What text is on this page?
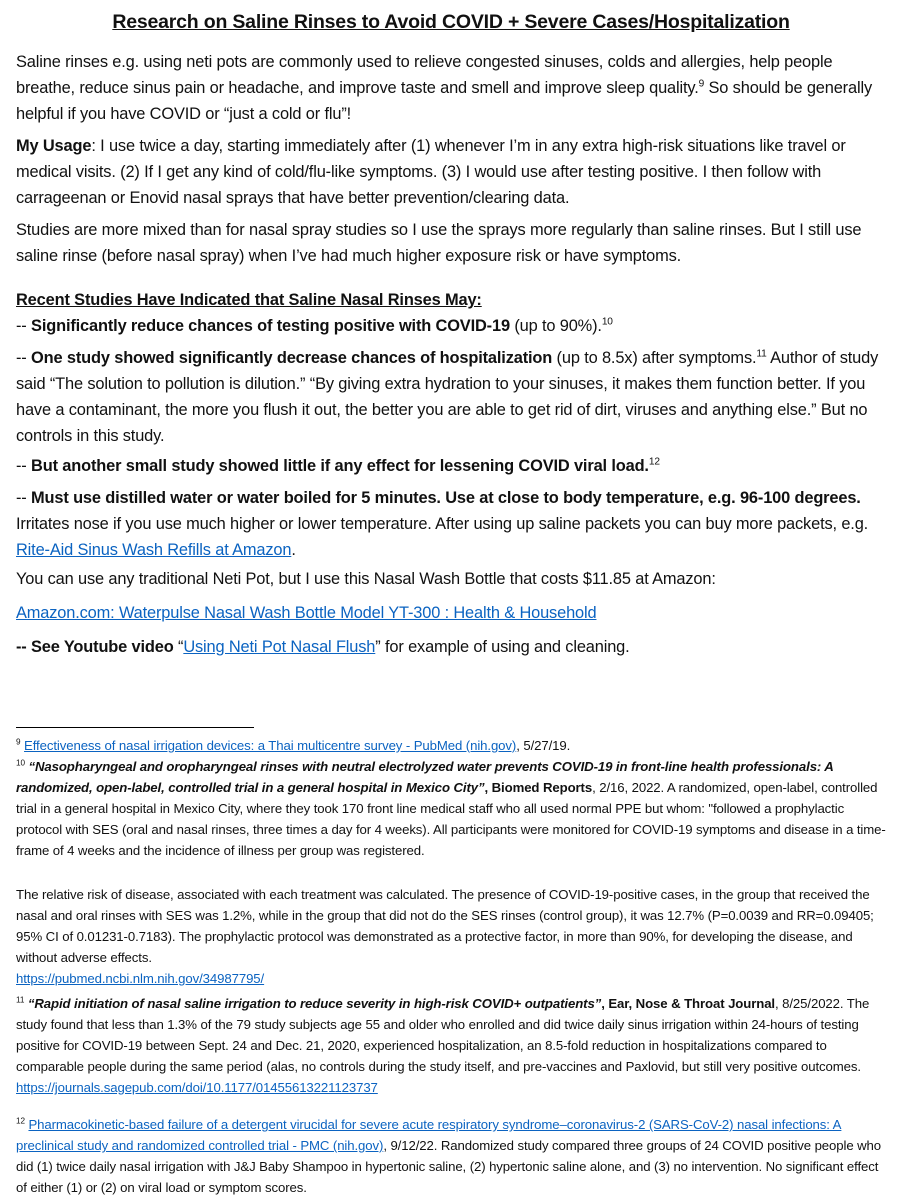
Research on Saline Rinses to Avoid COVID + Severe Cases/Hospitalization

Saline rinses e.g. using neti pots are commonly used to relieve congested sinuses, colds and allergies, help people breathe, reduce sinus pain or headache, and improve taste and smell and improve sleep quality.$^9$ So should be generally helpful if you have COVID or “just a cold or flu”!

My Usage: I use twice a day, starting immediately after (1) whenever I’m in any extra high-risk situations like travel or medical visits. (2) If I get any kind of cold/flu-like symptoms. (3) I would use after testing positive. I then follow with carrageenan or Enovid nasal sprays that have better prevention/clearing data.

Studies are more mixed than for nasal spray studies so I use the sprays more regularly than saline rinses. But I still use saline rinse (before nasal spray) when I’ve had much higher exposure risk or have symptoms.

Recent Studies Have Indicated that Saline Nasal Rinses May:

-- Significantly reduce chances of testing positive with COVID-19 (up to 90%).$^{10}$

-- One study showed significantly decrease chances of hospitalization (up to 8.5x) after symptoms.$^{11}$ Author of study said “The solution to pollution is dilution.” “By giving extra hydration to your sinuses, it makes them function better. If you have a contaminant, the more you flush it out, the better you are able to get rid of dirt, viruses and anything else.” But no controls in this study.

-- But another small study showed little if any effect for lessening COVID viral load.$^{12}$

-- Must use distilled water or water boiled for 5 minutes. Use at close to body temperature, e.g. 96-100 degrees. Irritates nose if you use much higher or lower temperature. After using up saline packets you can buy more packets, e.g. Rite-Aid Sinus Wash Refills at Amazon.

You can use any traditional Neti Pot, but I use this Nasal Wash Bottle that costs $11.85 at Amazon:

Amazon.com: Waterpulse Nasal Wash Bottle Model YT-300 : Health & Household

-- See Youtube video “Using Neti Pot Nasal Flush” for example of using and cleaning.

$^9$ Effectiveness of nasal irrigation devices: a Thai multicentre survey - PubMed (nih.gov), 5/27/19.

$^{10}$ “Nasopharyngeal and oropharyngeal rinses with neutral electrolyzed water prevents COVID-19 in front-line health professionals: A randomized, open-label, controlled trial in a general hospital in Mexico City”, Biomed Reports, 2/16, 2022. A randomized, open-label, controlled trial in a general hospital in Mexico City, where they took 170 front line medical staff who all used normal PPE but whom: "followed a prophylactic protocol with SES (oral and nasal rinses, three times a day for 4 weeks). All participants were monitored for COVID-19 symptoms and disease in a time-frame of 4 weeks and the incidence of illness per group was registered.

The relative risk of disease, associated with each treatment was calculated. The presence of COVID-19-positive cases, in the group that received the nasal and oral rinses with SES was 1.2%, while in the group that did not do the SES rinses (control group), it was 12.7% (P=0.0039 and RR=0.09405; 95% CI of 0.01231-0.7183). The prophylactic protocol was demonstrated as a protective factor, in more than 90%, for developing the disease, and without adverse effects.
https://pubmed.ncbi.nlm.nih.gov/34987795/

$^{11}$ “Rapid initiation of nasal saline irrigation to reduce severity in high-risk COVID+ outpatients”, Ear, Nose & Throat Journal, 8/25/2022. The study found that less than 1.3% of the 79 study subjects age 55 and older who enrolled and did twice daily sinus irrigation within 24-hours of testing positive for COVID-19 between Sept. 24 and Dec. 21, 2020, experienced hospitalization, an 8.5-fold reduction in hospitalizations compared to comparable people during the same period (alas, no controls during the study itself, and pre-vaccines and Paxlovid, but still very positive outcomes.
https://journals.sagepub.com/doi/10.1177/01455613221123737

$^{12}$ Pharmacokinetic-based failure of a detergent virucidal for severe acute respiratory syndrome–coronavirus-2 (SARS-CoV-2) nasal infections: A preclinical study and randomized controlled trial - PMC (nih.gov), 9/12/22. Randomized study compared three groups of 24 COVID positive people who did (1) twice daily nasal irrigation with J&J Baby Shampoo in hypertonic saline, (2) hypertonic saline alone, and (3) no intervention. No significant effect of either (1) or (2) on viral load or symptom scores.
